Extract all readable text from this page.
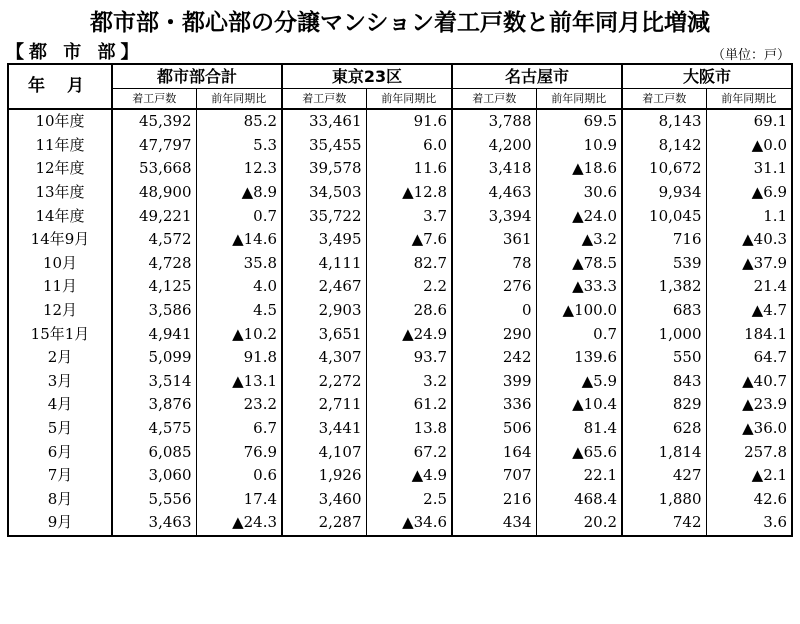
都市部・都心部の分譲マンション着工戸数と前年同月比増減
【都 市 部】	（単位：戸）
年 月	都市部合計		東京23区		名古屋市		大阪市	
	着工戸数	前年同期比	着工戸数	前年同期比	着工戸数	前年同期比	着工戸数	前年同期比
10年度	45,392	85.2	33,461	91.6	3,788	69.5	8,143	69.1
11年度	47,797	5.3	35,455	6.0	4,200	10.9	8,142	▲0.0
12年度	53,668	12.3	39,578	11.6	3,418	▲18.6	10,672	31.1
13年度	48,900	▲8.9	34,503	▲12.8	4,463	30.6	9,934	▲6.9
14年度	49,221	0.7	35,722	3.7	3,394	▲24.0	10,045	1.1
14年9月	4,572	▲14.6	3,495	▲7.6	361	▲3.2	716	▲40.3
10月	4,728	35.8	4,111	82.7	78	▲78.5	539	▲37.9
11月	4,125	4.0	2,467	2.2	276	▲33.3	1,382	21.4
12月	3,586	4.5	2,903	28.6	0	▲100.0	683	▲4.7
15年1月	4,941	▲10.2	3,651	▲24.9	290	0.7	1,000	184.1
2月	5,099	91.8	4,307	93.7	242	139.6	550	64.7
3月	3,514	▲13.1	2,272	3.2	399	▲5.9	843	▲40.7
4月	3,876	23.2	2,711	61.2	336	▲10.4	829	▲23.9
5月	4,575	6.7	3,441	13.8	506	81.4	628	▲36.0
6月	6,085	76.9	4,107	67.2	164	▲65.6	1,814	257.8
7月	3,060	0.6	1,926	▲4.9	707	22.1	427	▲2.1
8月	5,556	17.4	3,460	2.5	216	468.4	1,880	42.6
9月	3,463	▲24.3	2,287	▲34.6	434	20.2	742	3.6
